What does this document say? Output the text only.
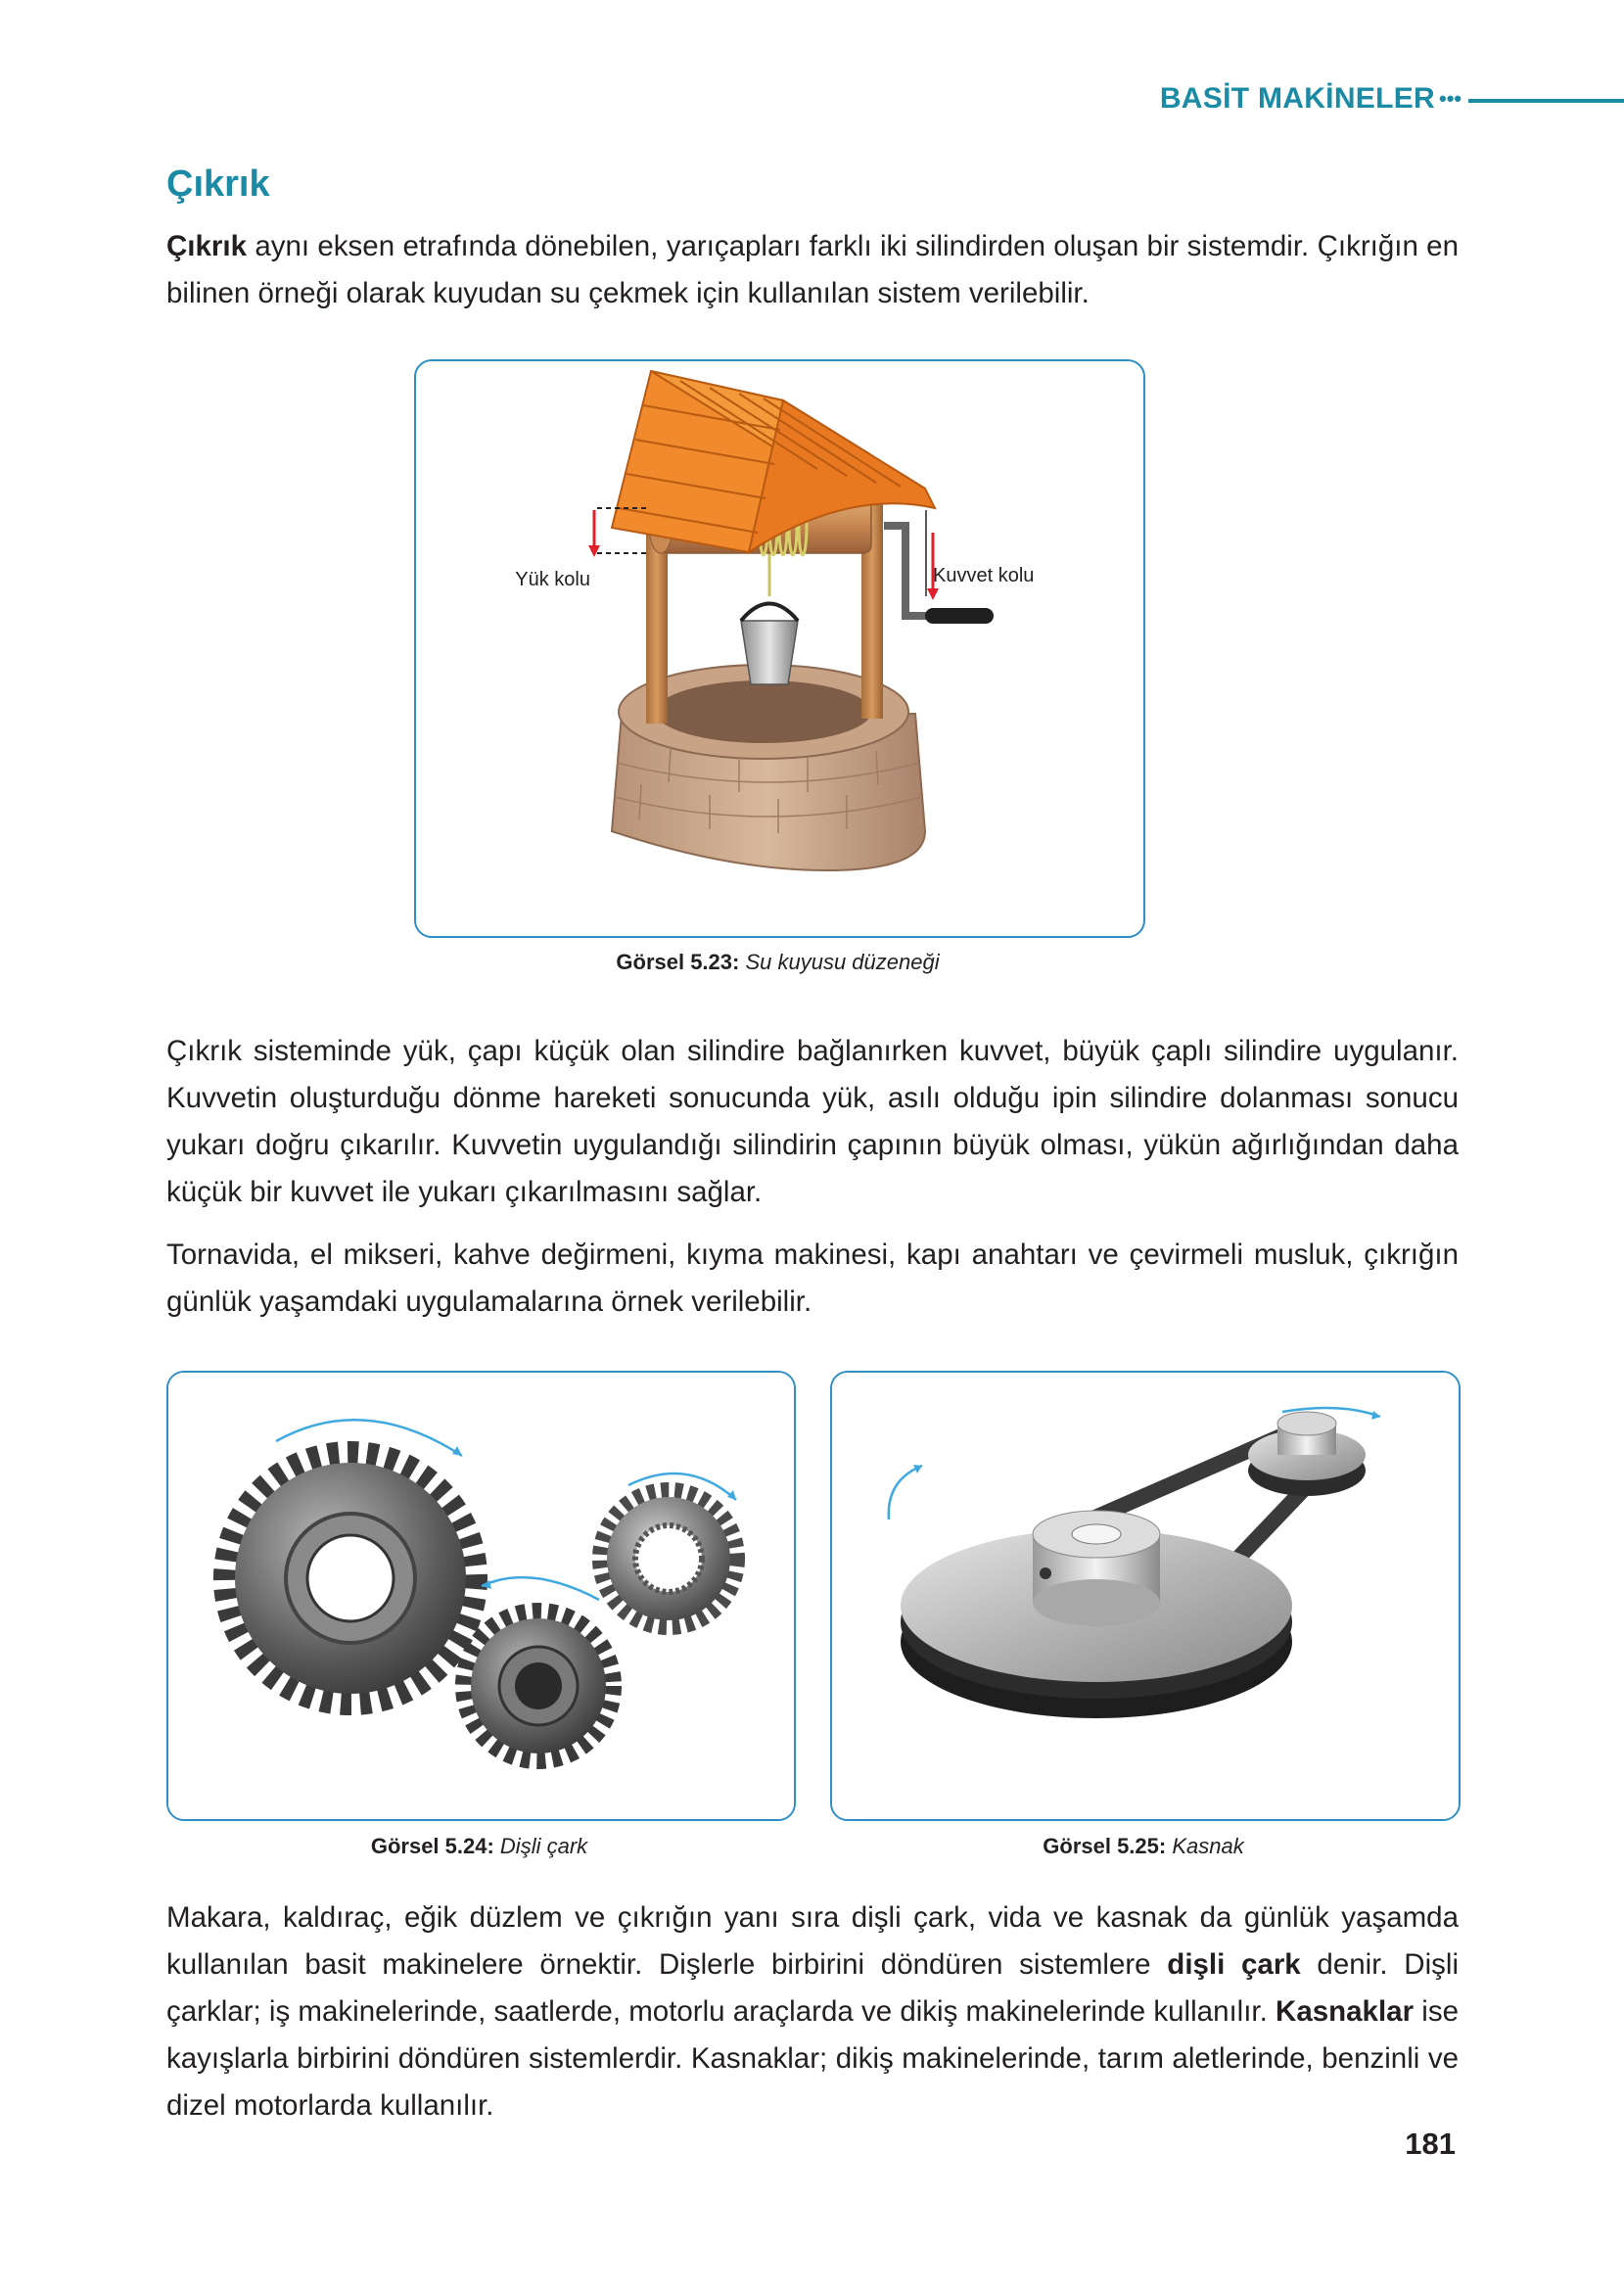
BASİT MAKİNELER •••
Çıkrık
Çıkrık aynı eksen etrafında dönebilen, yarıçapları farklı iki silindirden oluşan bir sistemdir. Çıkrığın en bilinen örneği olarak kuyudan su çekmek için kullanılan sistem verilebilir.
Yük kolu	Kuvvet kolu
Görsel 5.23: Su kuyusu düzeneği
Çıkrık sisteminde yük, çapı küçük olan silindire bağlanırken kuvvet, büyük çaplı silindire uygulanır. Kuvvetin oluşturduğu dönme hareketi sonucunda yük, asılı olduğu ipin silindire dolanması sonucu yukarı doğru çıkarılır. Kuvvetin uygulandığı silindirin çapının büyük olması, yükün ağırlığından daha küçük bir kuvvet ile yukarı çıkarılmasını sağlar.
Tornavida, el mikseri, kahve değirmeni, kıyma makinesi, kapı anahtarı ve çevirmeli musluk, çıkrığın günlük yaşamdaki uygulamalarına örnek verilebilir.
Görsel 5.24: Dişli çark	Görsel 5.25: Kasnak
Makara, kaldıraç, eğik düzlem ve çıkrığın yanı sıra dişli çark, vida ve kasnak da günlük yaşamda kullanılan basit makinelere örnektir. Dişlerle birbirini döndüren sistemlere dişli çark denir. Dişli çarklar; iş makinelerinde, saatlerde, motorlu araçlarda ve dikiş makinelerinde kullanılır. Kasnaklar ise kayışlarla birbirini döndüren sistemlerdir. Kasnaklar; dikiş makinelerinde, tarım aletlerinde, benzinli ve dizel motorlarda kullanılır.
181
